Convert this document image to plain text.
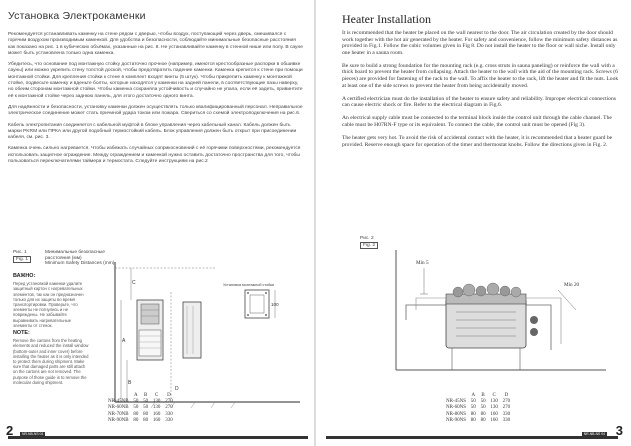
Установка Электрокаменки

Рекомендуется устанавливать каменку на стене рядом с дверью, чтобы воздух, поступающий через дверь, смешивался с горячим воздухом производимым каменкой. Для удобства и безопасности, соблюдайте минимальные безопасные расстояния как показано на рис. 1 в кубических объёмах, указанные на рис. 8. Не устанавливайте каменку в стенной нише или полу. В сауне может быть установлена только одна каменка.

Убедитесь, что основание под монтажную стойку достаточно прочное (например, имеются крестообразные распорки в обшивке сауны) или можно укрепить стену толстой доской, чтобы предотвратить падение каменки. Каменка крепится к стене при помощи монтажной стойки. Для крепления стойки к стене в комплект входят винты (5 штук). Чтобы прикрепить каменку к монтажной стойке, подвесьте каменку и вденьте болты, которые находятся у каменки на задней панели, в соответствующие пазы наверху, но обеим сторонам монтажной стойки. Чтобы каменка сохраняла устойчивость и случайно не упала, если её задеть, привинтите её к монтажной стойке через заднюю панель, для этого достаточно одного винта.

Для надёжности и безопасности, установку каменки должен осуществлять только квалифицированный персонал. Неправильное электрическое соединение может стать причиной удара током или пожара. Свериться со схемой электроподключения на рис.6.

Кабель электропитания соединяется с кабельной муфтой в блоке управления через кабельный канал. Кабель должен быть марки PKRM или ПРКА или другой подобный термостойкий кабель. Блок управления должен быть открыт при присоединении кабеля, см. рис. 3.

Каменка очень сильно нагревается. Чтобы избежать случайных соприкосновений с её горячими поверхностями, рекомендуется использовать защитное ограждение. Между ограждением и каменкой нужно оставить достаточно пространства для того, чтобы пользоваться переключателями таймера и термостата. Следуйте инструкциям на рис.2

Рис. 1
Fig. 1
Минимальные безопасные расстояния (мм)
Minimum Safety Distances (mm)
A
B
C
D
100
Установка монтажной стойки
ВАЖНО:

Перед установкой каменки удалите защитный картон с нагревательных элементов, так как он предназначен только для их защиты во время транспортировки. Проверьте, что элементы не погнулись и не повреждены. Не забывайте выравнивать нагревательные элементы от стенок.

NOTE:

Remove the cartons from the heating elements and reduced the install window (bottom-outer and inner cover) before installing the heater as it is only intended to protect them during shipment. Make sure that damaged parts are still attach on the cartons are not removed. The purpose of those guide is to remove the molecular during shipment.

	A	B	C	D
NR-45NB	50	50	130	270
NR-60NB	50	50	130	270
NR-70NB	80	80	160	330
NR-90NB	80	80	160	330
2	NR-NB-NS 04
Heater Installation

It is recommended that the heater be placed on the wall nearest to the door. The air circulation created by the door should work together with the hot air generated by the heater. For safety and convenience, follow the minimum safety distances as provided in Fig.1. Follow the cubic volumes given in Fig 8. Do not install the heater to the floor or wall niche. Install only one heater in a sauna room.

Be sure to build a strong foundation for the mounting rack (e.g. cross struts in sauna paneling) or reinforce the wall with a thick board to prevent the heater from collapsing. Attach the heater to the wall with the aid of the mounting rack. Screws (6 pieces) are provided for fastening of the rack to the wall. To affix the heater to the rack, lift the heater and fit the nuts. Look at least one of the side screws to prevent the heater from being accidentally moved.

A certified electrician must do the installation of the heater to ensure safety and reliability. Improper electrical connections can cause electric shock or fire. Refer to the electrical diagram in Fig.6.

An electrical supply cable must be connected to the terminal block inside the control unit through the cable channel. The cable must be H07RN-F type or its equivalent. To connect the cable, the control unit must be opened (Fig 3).

The heater gets very hot. To avoid the risk of accidental contact with the heater, it is recommended that a heater guard be provided. Reserve enough space for operation of the timer and thermostat knobs. Follow the directions given in Fig. 2.

Рис. 2
Fig. 2
Min 5
Min 20
	A	B	C	D
NR-45NS	50	50	130	270
NR-60NS	50	50	130	270
NR-80NS	80	80	160	330
NR-90NS	80	80	160	330
3
NR-NB-NS 04
